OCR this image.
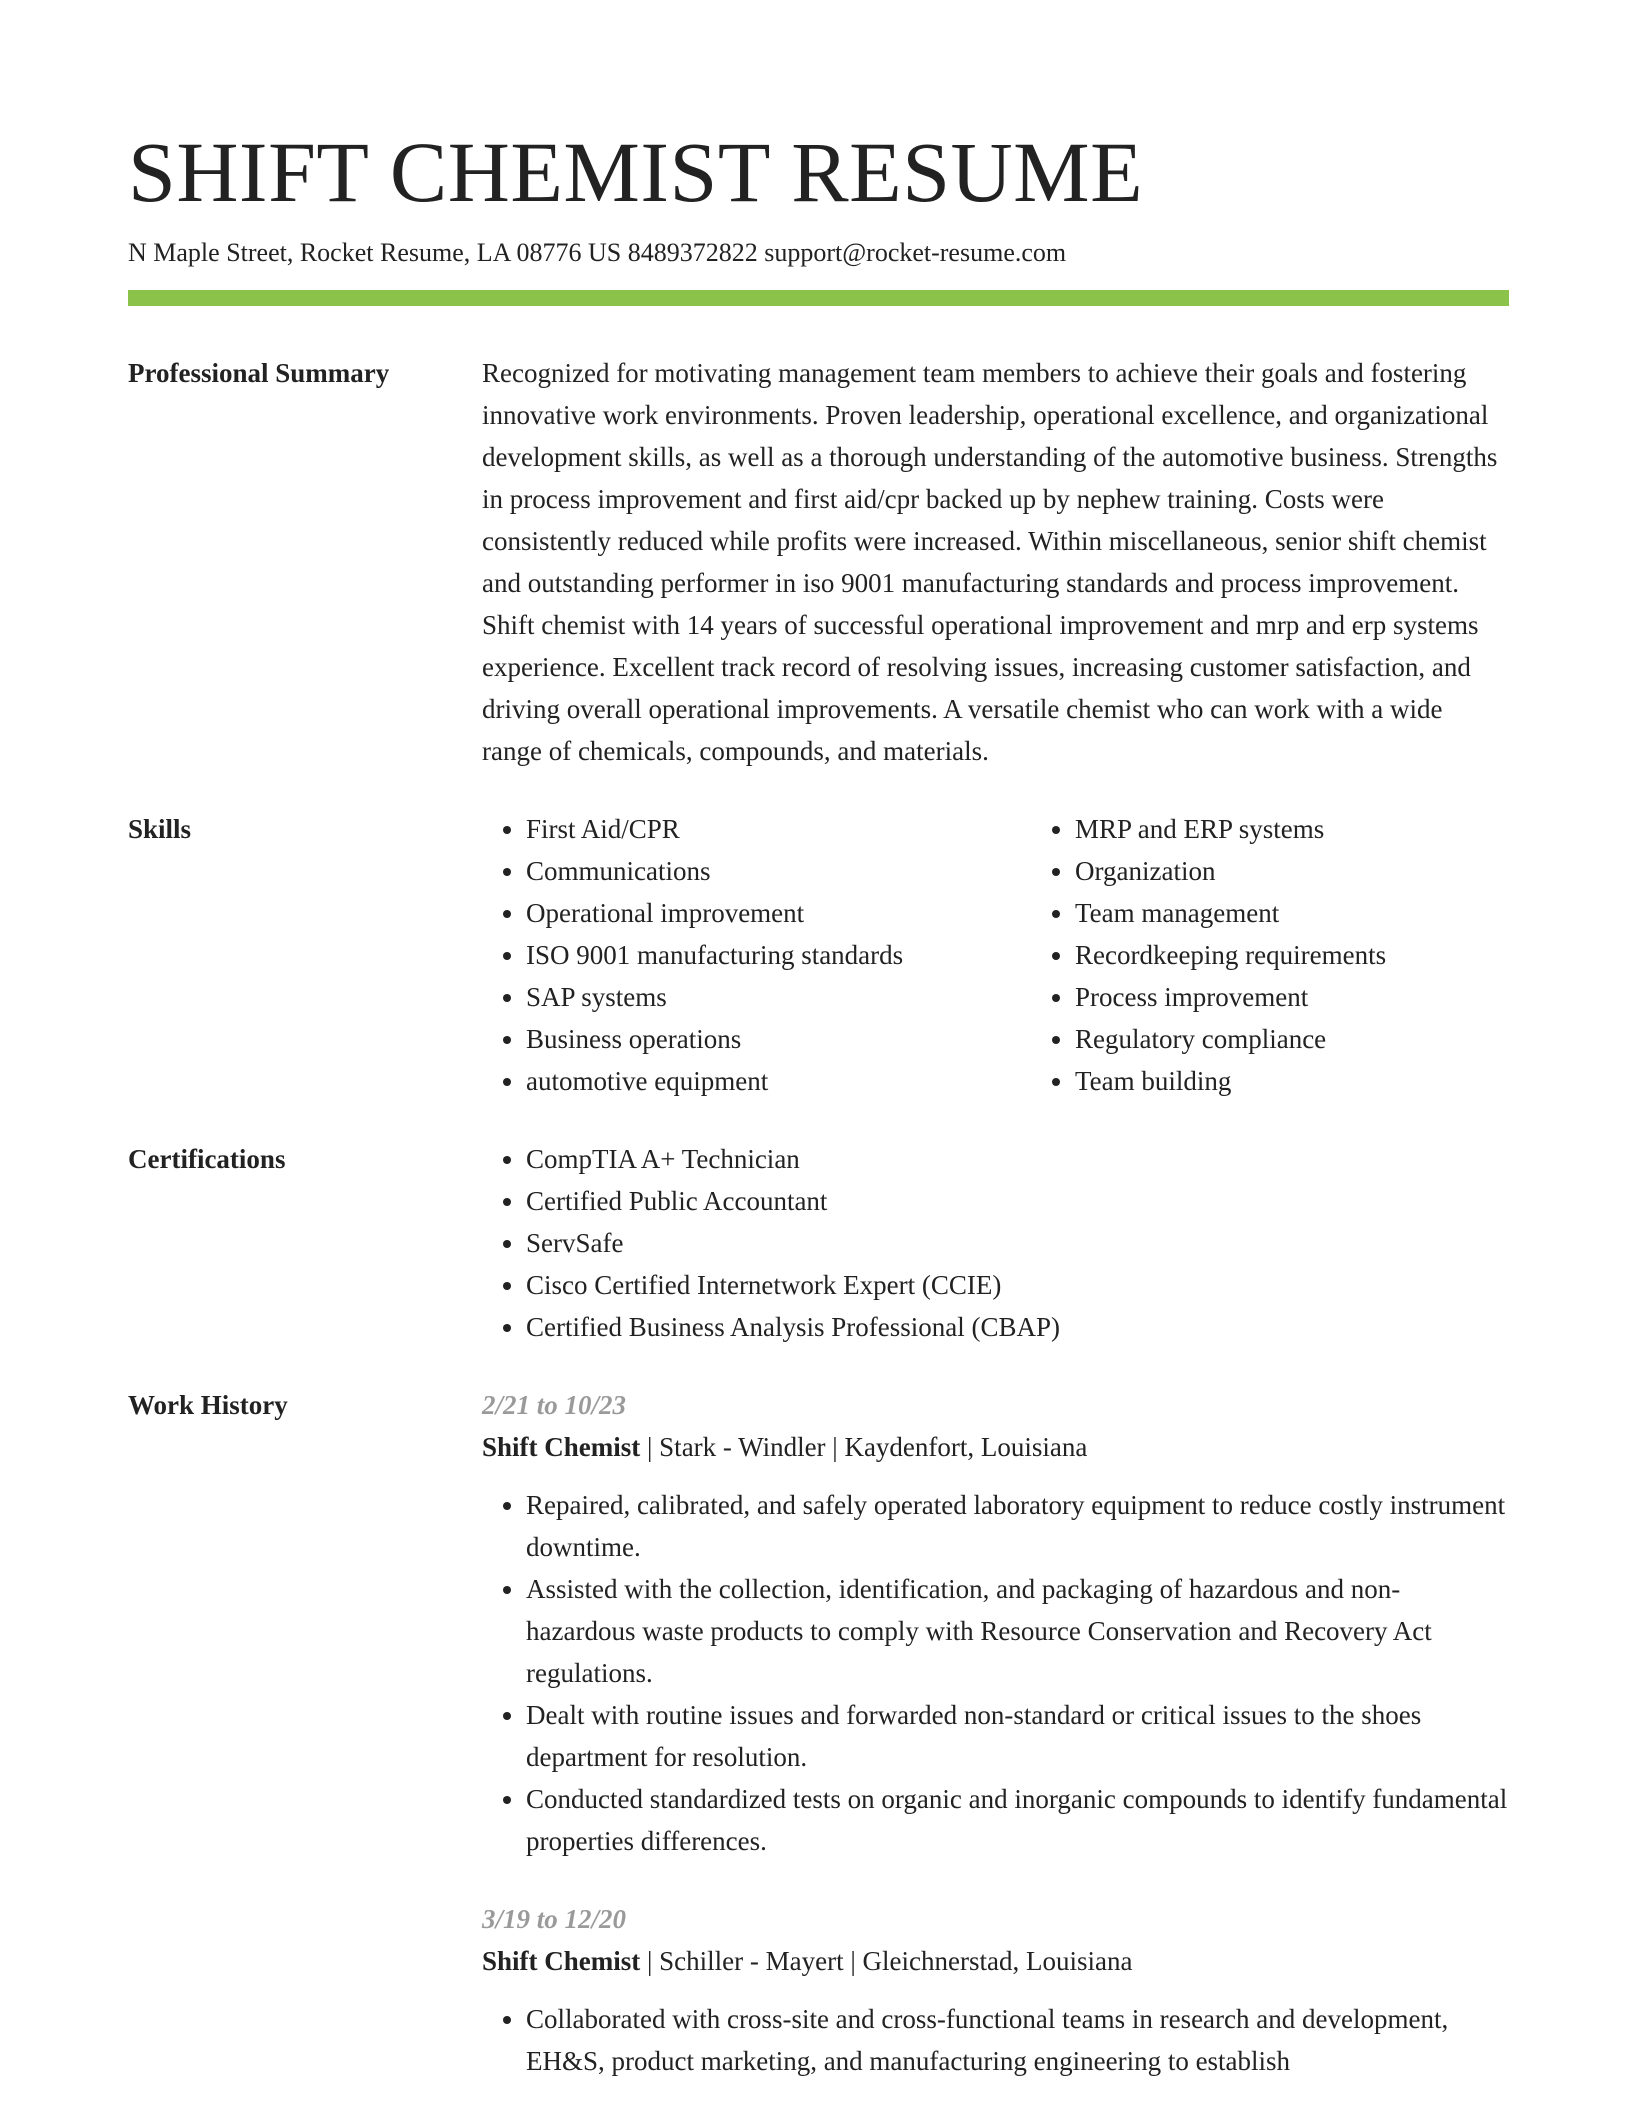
SHIFT CHEMIST RESUME
N Maple Street, Rocket Resume, LA 08776 US 8489372822 support@rocket-resume.com
Professional Summary	Recognized for motivating management team members to achieve their goals and fostering innovative work environments. Proven leadership, operational excellence, and organizational development skills, as well as a thorough understanding of the automotive business. Strengths in process improvement and first aid/cpr backed up by nephew training. Costs were consistently reduced while profits were increased. Within miscellaneous, senior shift chemist and outstanding performer in iso 9001 manufacturing standards and process improvement. Shift chemist with 14 years of successful operational improvement and mrp and erp systems experience. Excellent track record of resolving issues, increasing customer satisfaction, and driving overall operational improvements. A versatile chemist who can work with a wide range of chemicals, compounds, and materials.

Skills	• First Aid/CPR
• Communications
• Operational improvement
• ISO 9001 manufacturing standards
• SAP systems
• Business operations
• automotive equipment
• MRP and ERP systems
• Organization
• Team management
• Recordkeeping requirements
• Process improvement
• Regulatory compliance
• Team building
Certifications	• CompTIA A+ Technician
• Certified Public Accountant
• ServSafe
• Cisco Certified Internetwork Expert (CCIE)
• Certified Business Analysis Professional (CBAP)
Work History	2/21 to 10/23
Shift Chemist | Stark - Windler | Kaydenfort, Louisiana
• Repaired, calibrated, and safely operated laboratory equipment to reduce costly instrument downtime.
• Assisted with the collection, identification, and packaging of hazardous and non-hazardous waste products to comply with Resource Conservation and Recovery Act regulations.
• Dealt with routine issues and forwarded non-standard or critical issues to the shoes department for resolution.
• Conducted standardized tests on organic and inorganic compounds to identify fundamental properties differences.
3/19 to 12/20
Shift Chemist | Schiller - Mayert | Gleichnerstad, Louisiana
• Collaborated with cross-site and cross-functional teams in research and development, EH&S, product marketing, and manufacturing engineering to establish
